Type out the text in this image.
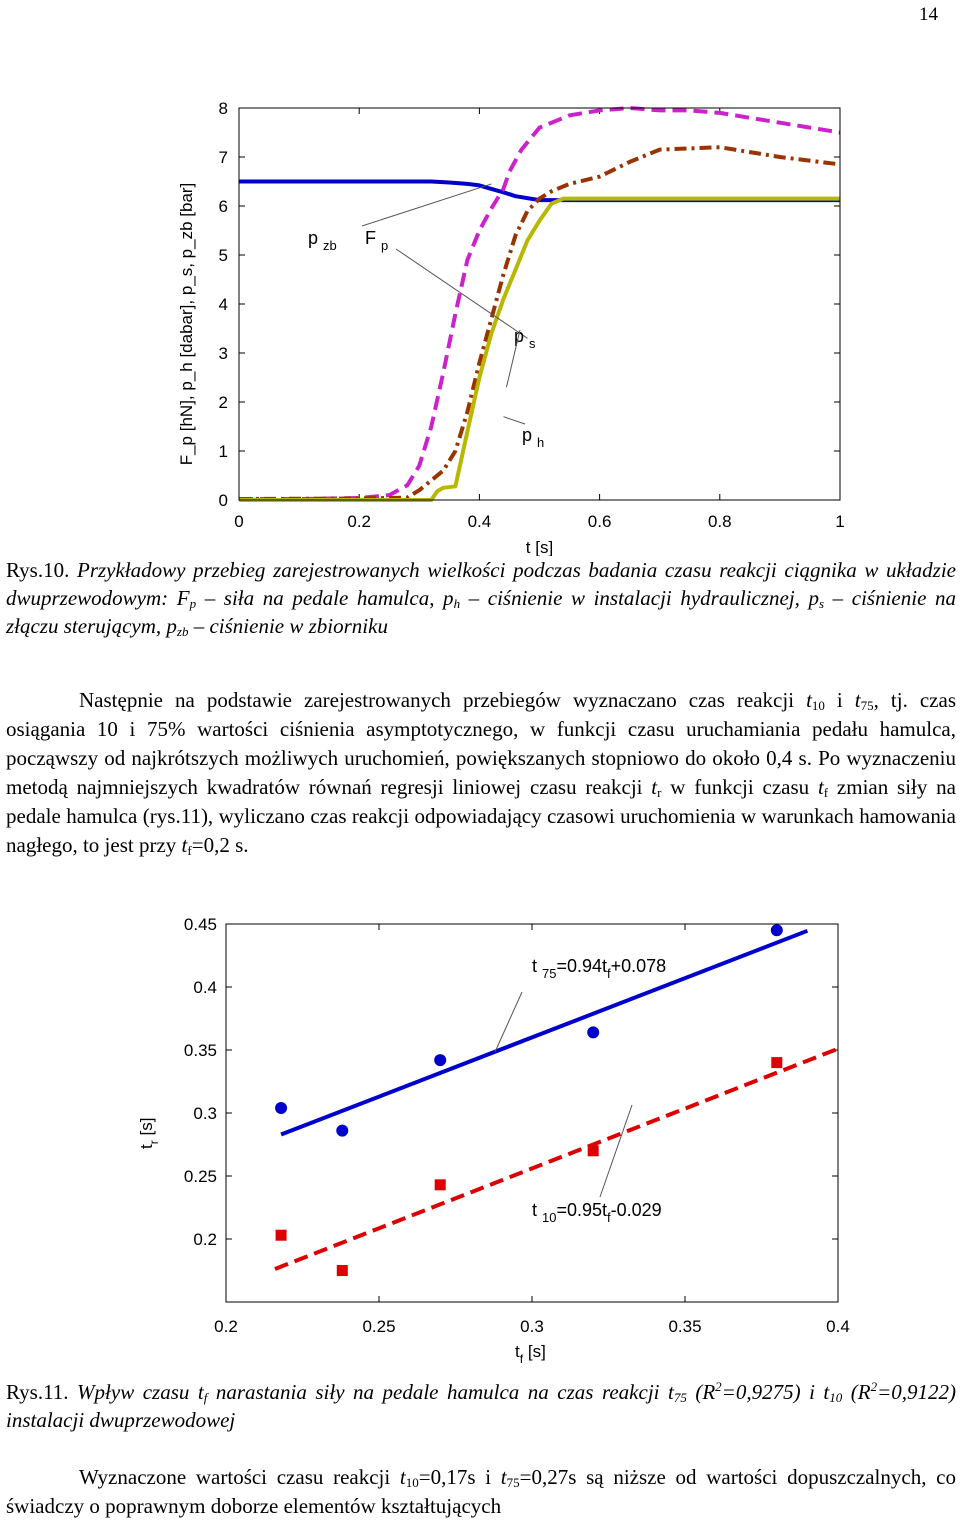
14
0	0.2	0.4	0.6	0.8	1
0
1
2
3
4
5
6
7
8
p $_{zb}$ F $_p$
p $_s$
p $_h$
t [s]
F_p [hN], p_h [dabar], p_s, p_zb [bar]
Rys.10. Przykładowy przebieg zarejestrowanych wielkości podczas badania czasu reakcji ciągnika w układzie dwuprzewodowym: $F_p$ – siła na pedale hamulca, $p_h$ – ciśnienie w instalacji hydraulicznej, $p_s$ – ciśnienie na złączu sterującym, $p_{zb}$ – ciśnienie w zbiorniku
Następnie na podstawie zarejestrowanych przebiegów wyznaczano czas reakcji $t_{10}$ i $t_{75}$, tj. czas osiągania 10 i 75% wartości ciśnienia asymptotycznego, w funkcji czasu uruchamiania pedału hamulca, począwszy od najkrótszych możliwych uruchomień, powiększanych stopniowo do około 0,4 s. Po wyznaczeniu metodą najmniejszych kwadratów równań regresji liniowej czasu reakcji $t_r$ w funkcji czasu $t_f$ zmian siły na pedale hamulca (rys.11), wyliczano czas reakcji odpowiadający czasowi uruchomienia w warunkach hamowania nagłego, to jest przy $t_f=0,2$ s.
0.2	0.25	0.3	0.35	0.4
0.2
0.25
0.3
0.35
0.4
0.45
t $_{75}=0.94t_f+0.078$
t $_{10}=0.95t_f-0.029$
$t_f$ [s]
$t_r$ [s]
Rys.11. Wpływ czasu $t_f$ narastania siły na pedale hamulca na czas reakcji $t_{75}$ $(R^2=0,9275)$ i $t_{10}$ $(R^2=0,9122)$ instalacji dwuprzewodowej
Wyznaczone wartości czasu reakcji $t_{10}=0,17s$ i $t_{75}=0,27s$ są niższe od wartości dopuszczalnych, co świadczy o poprawnym doborze elementów kształtujących
